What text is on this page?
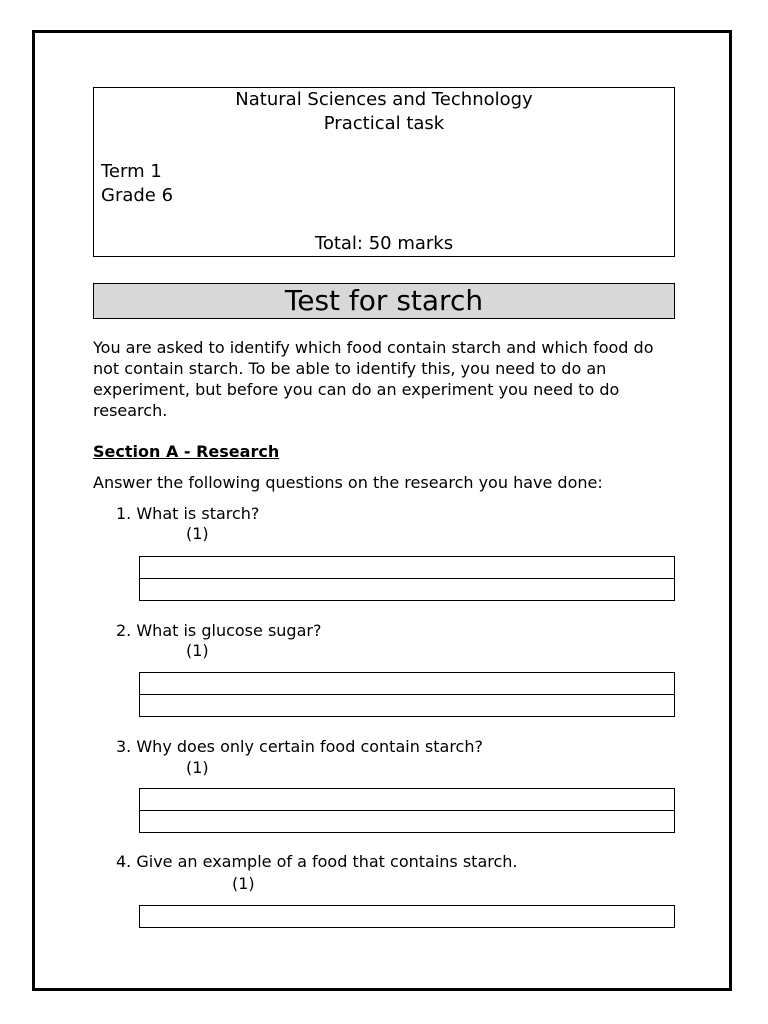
Natural Sciences and Technology
Practical task
Term 1
Grade 6
Total: 50 marks
Test for starch

You are asked to identify which food contain starch and which food do not contain starch. To be able to identify this, you need to do an experiment, but before you can do an experiment you need to do research.

Section A - Research

Answer the following questions on the research you have done:

1. What is starch?
(1)
2. What is glucose sugar?
(1)
3. Why does only certain food contain starch?
(1)
4. Give an example of a food that contains starch.
(1)
